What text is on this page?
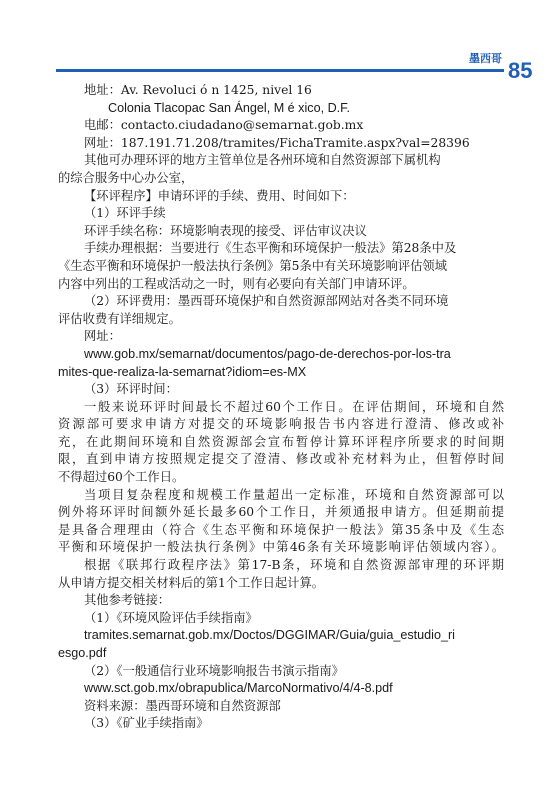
墨西哥 85
地址：Av. Revoluci ó n 1425, nivel 16
Colonia Tlacopac San Ángel, M é xico, D.F.
电邮：contacto.ciudadano@semarnat.gob.mx
网址：187.191.71.208/tramites/FichaTramite.aspx?val=28396
其他可办理环评的地方主管单位是各州环境和自然资源部下属机构
的综合服务中心办公室，
【环评程序】申请环评的手续、费用、时间如下：
（1）环评手续
环评手续名称：环境影响表现的接受、评估审议决议
手续办理根据：当要进行《生态平衡和环境保护一般法》第28条中及
《生态平衡和环境保护一般法执行条例》第5条中有关环境影响评估领域
内容中列出的工程或活动之一时，则有必要向有关部门申请环评。
（2）环评费用：墨西哥环境保护和自然资源部网站对各类不同环境
评估收费有详细规定。
网址：
www.gob.mx/semarnat/documentos/pago-de-derechos-por-los-tra
mites-que-realiza-la-semarnat?idiom=es-MX
（3）环评时间：
一般来说环评时间最长不超过60个工作日。在评估期间，环境和自然
资源部可要求申请方对提交的环境影响报告书内容进行澄清、修改或补
充，在此期间环境和自然资源部会宣布暂停计算环评程序所要求的时间期
限，直到申请方按照规定提交了澄清、修改或补充材料为止，但暂停时间
不得超过60个工作日。
当项目复杂程度和规模工作量超出一定标准，环境和自然资源部可以
例外将环评时间额外延长最多60个工作日，并须通报申请方。但延期前提
是具备合理理由（符合《生态平衡和环境保护一般法》第35条中及《生态
平衡和环境保护一般法执行条例》中第46条有关环境影响评估领域内容）。
根据《联邦行政程序法》第17-B条，环境和自然资源部审理的环评期
从申请方提交相关材料后的第1个工作日起计算。
其他参考链接：
（1）《环境风险评估手续指南》
tramites.semarnat.gob.mx/Doctos/DGGIMAR/Guia/guia_estudio_ri
esgo.pdf
（2）《一般通信行业环境影响报告书演示指南》
www.sct.gob.mx/obrapublica/MarcoNormativo/4/4-8.pdf
资料来源：墨西哥环境和自然资源部
（3）《矿业手续指南》
